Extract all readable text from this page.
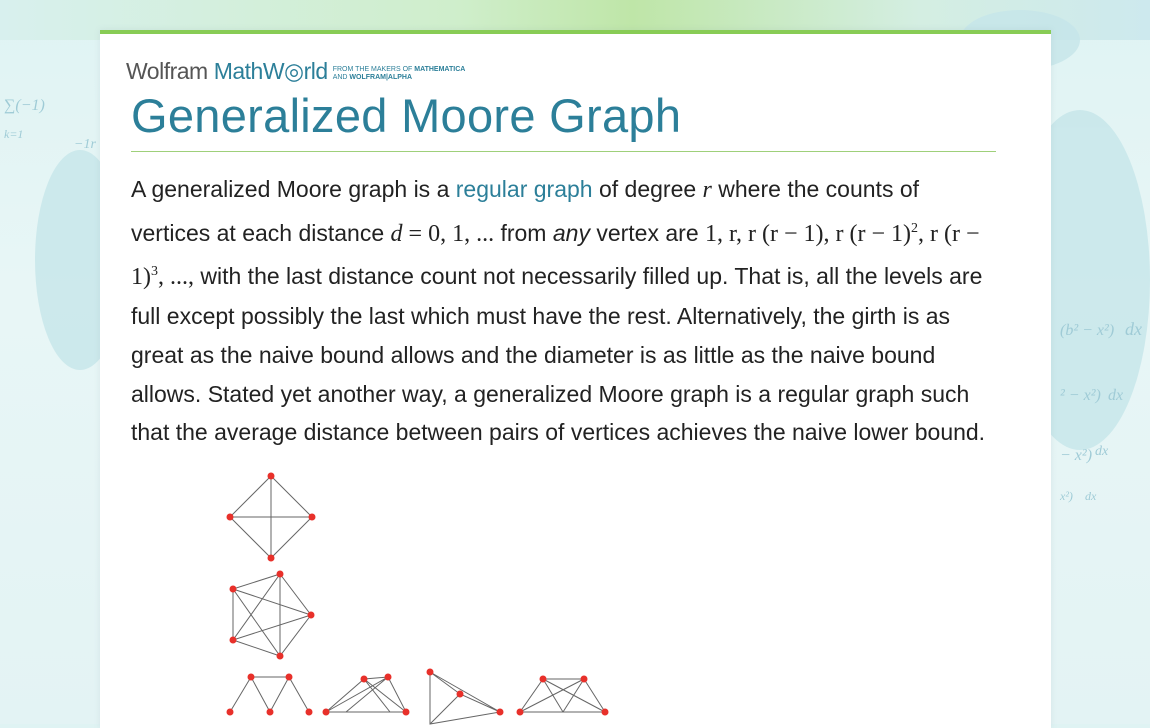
∑(−1)
k=1
−1r
(b² − x²) dx
² − x²) dx
− x²) dx
x²) dx
Wolfram MathW◎rld FROM THE MAKERS OF MATHEMATICA
AND WOLFRAM|ALPHA
Generalized Moore Graph

A generalized Moore graph is a regular graph of degree r where the counts of vertices at each distance d = 0, 1, ... from any vertex are 1, r, r (r − 1), r $(r - 1)^2$, r $(r - 1)^3$, ..., with the last distance count not necessarily filled up. That is, all the levels are full except possibly the last which must have the rest. Alternatively, the girth is as great as the naive bound allows and the diameter is as little as the naive bound allows. Stated yet another way, a generalized Moore graph is a regular graph such that the average distance between pairs of vertices achieves the naive lower bound.
